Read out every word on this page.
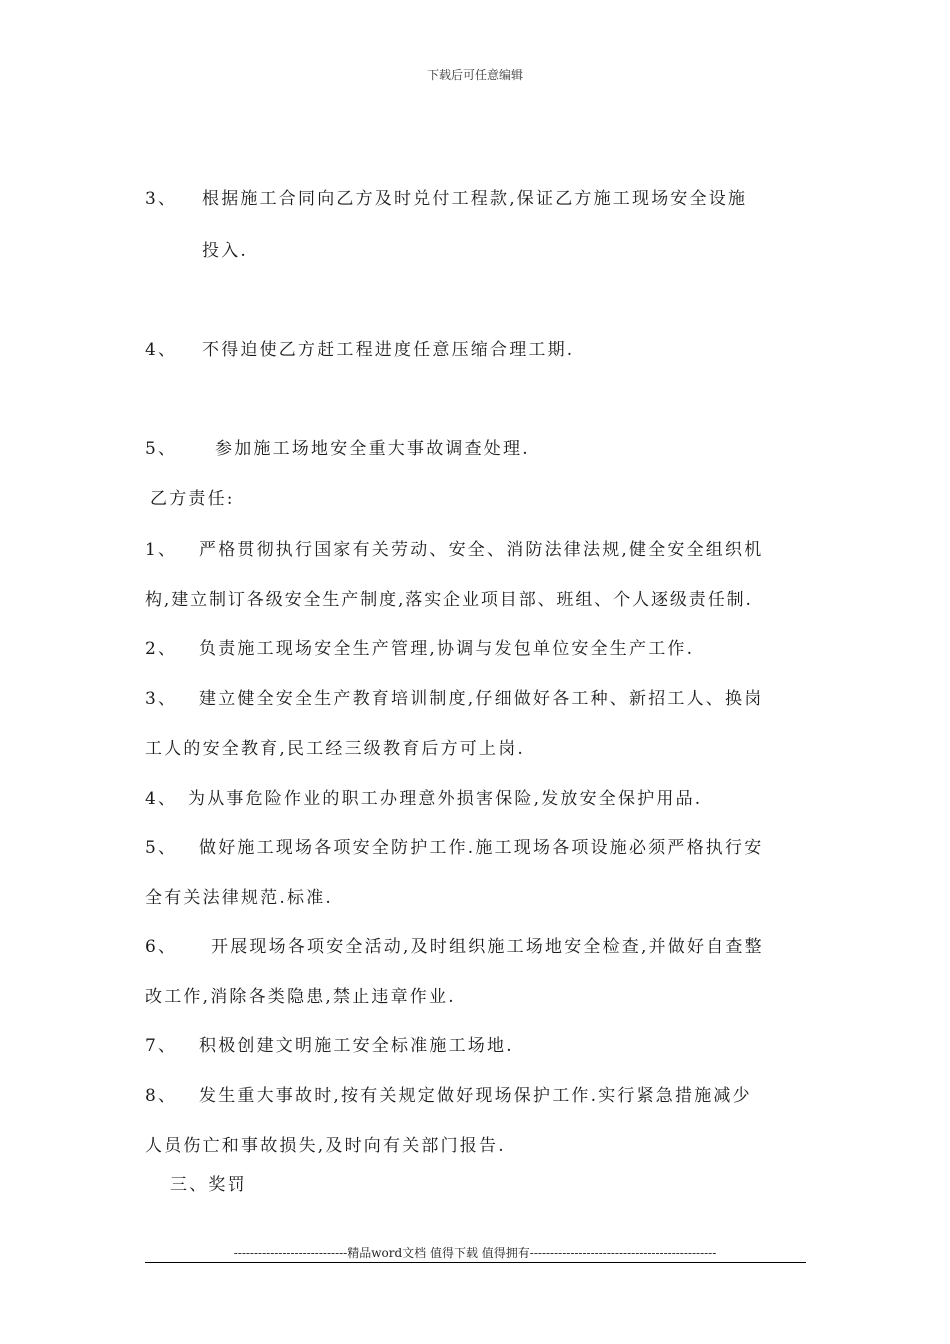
下载后可任意编辑
3、 根据施工合同向乙方及时兑付工程款,保证乙方施工现场安全设施
投入.
4、 不得迫使乙方赶工程进度任意压缩合理工期.
5、 参加施工场地安全重大事故调查处理.
乙方责任:
1、 严格贯彻执行国家有关劳动、安全、消防法律法规,健全安全组织机
构,建立制订各级安全生产制度,落实企业项目部、班组、个人逐级责任制.
2、 负责施工现场安全生产管理,协调与发包单位安全生产工作.
3、 建立健全安全生产教育培训制度,仔细做好各工种、新招工人、换岗
工人的安全教育,民工经三级教育后方可上岗.
4、 为从事危险作业的职工办理意外损害保险,发放安全保护用品.
5、 做好施工现场各项安全防护工作.施工现场各项设施必须严格执行安
全有关法律规范.标准.
6、 开展现场各项安全活动,及时组织施工场地安全检查,并做好自查整
改工作,消除各类隐患,禁止违章作业.
7、 积极创建文明施工安全标准施工场地.
8、 发生重大事故时,按有关规定做好现场保护工作.实行紧急措施减少
人员伤亡和事故损失,及时向有关部门报告.
三、奖罚
----------------------------精品word文档 值得下载 值得拥有----------------------------------------------
